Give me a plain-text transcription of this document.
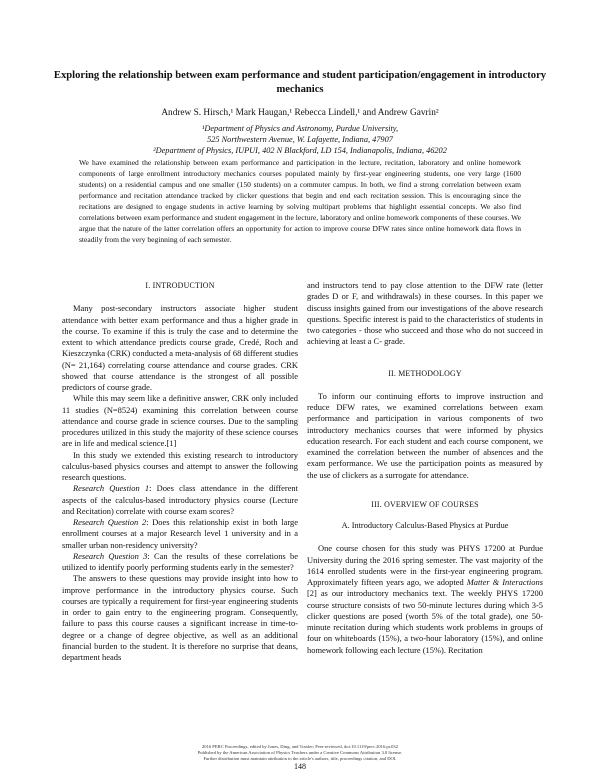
Exploring the relationship between exam performance and student participation/engagement in introductory mechanics
Andrew S. Hirsch,¹ Mark Haugan,¹ Rebecca Lindell,¹ and Andrew Gavrin²
¹Department of Physics and Astronomy, Purdue University,
525 Northwestern Avenue, W. Lafayette, Indiana, 47907
²Department of Physics, IUPUI, 402 N Blackford, LD 154, Indianapolis, Indiana, 46202
We have examined the relationship between exam performance and participation in the lecture, recitation, laboratory and online homework components of large enrollment introductory mechanics courses populated mainly by first-year engineering students, one very large (1600 students) on a residential campus and one smaller (150 students) on a commuter campus. In both, we find a strong correlation between exam performance and recitation attendance tracked by clicker questions that begin and end each recitation session. This is encouraging since the recitations are designed to engage students in active learning by solving multipart problems that highlight essential concepts. We also find correlations between exam performance and student engagement in the lecture, laboratory and online homework components of these courses. We argue that the nature of the latter correlation offers an opportunity for action to improve course DFW rates since online homework data flows in steadily from the very beginning of each semester.
I. INTRODUCTION

Many post-secondary instructors associate higher student attendance with better exam performance and thus a higher grade in the course. To examine if this is truly the case and to determine the extent to which attendance predicts course grade, Credé, Roch and Kieszczynka (CRK) conducted a meta-analysis of 68 different studies (N= 21,164) correlating course attendance and course grades. CRK showed that course attendance is the strongest of all possible predictors of course grade.

While this may seem like a definitive answer, CRK only included 11 studies (N=8524) examining this correlation between course attendance and course grade in science courses. Due to the sampling procedures utilized in this study the majority of these science courses are in life and medical science.[1]

In this study we extended this existing research to introductory calculus-based physics courses and attempt to answer the following research questions.

Research Question 1: Does class attendance in the different aspects of the calculus-based introductory physics course (Lecture and Recitation) correlate with course exam scores?

Research Question 2: Does this relationship exist in both large enrollment courses at a major Research level 1 university and in a smaller urban non-residency university?

Research Question 3: Can the results of these correlations be utilized to identify poorly performing students early in the semester?

The answers to these questions may provide insight into how to improve performance in the introductory physics course. Such courses are typically a requirement for first-year engineering students in order to gain entry to the engineering program. Consequently, failure to pass this course causes a significant increase in time-to-degree or a change of degree objective, as well as an additional financial burden to the student. It is therefore no surprise that deans, department heads

and instructors tend to pay close attention to the DFW rate (letter grades D or F, and withdrawals) in these courses. In this paper we discuss insights gained from our investigations of the above research questions. Specific interest is paid to the characteristics of students in two categories - those who succeed and those who do not succeed in achieving at least a C- grade.

II. METHODOLOGY

To inform our continuing efforts to improve instruction and reduce DFW rates, we examined correlations between exam performance and participation in various components of two introductory mechanics courses that were informed by physics education research. For each student and each course component, we examined the correlation between the number of absences and the exam performance. We use the participation points as measured by the use of clickers as a surrogate for attendance.

III. OVERVIEW OF COURSES
A. Introductory Calculus-Based Physics at Purdue

One course chosen for this study was PHYS 17200 at Purdue University during the 2016 spring semester. The vast majority of the 1614 enrolled students were in the first-year engineering program. Approximately fifteen years ago, we adopted Matter & Interactions [2] as our introductory mechanics text. The weekly PHYS 17200 course structure consists of two 50-minute lectures during which 3-5 clicker questions are posed (worth 5% of the total grade), one 50-minute recitation during which students work problems in groups of four on whiteboards (15%), a two-hour laboratory (15%), and online homework following each lecture (15%). Recitation

2016 PERC Proceedings, edited by Jones, Ding, and Traxler; Peer-reviewed, doi:10.1119/perc.2016.pr.032
Published by the American Association of Physics Teachers under a Creative Commons Attribution 3.0 license.
Further distribution must maintain attribution to the article's authors, title, proceedings citation, and DOI.
148
